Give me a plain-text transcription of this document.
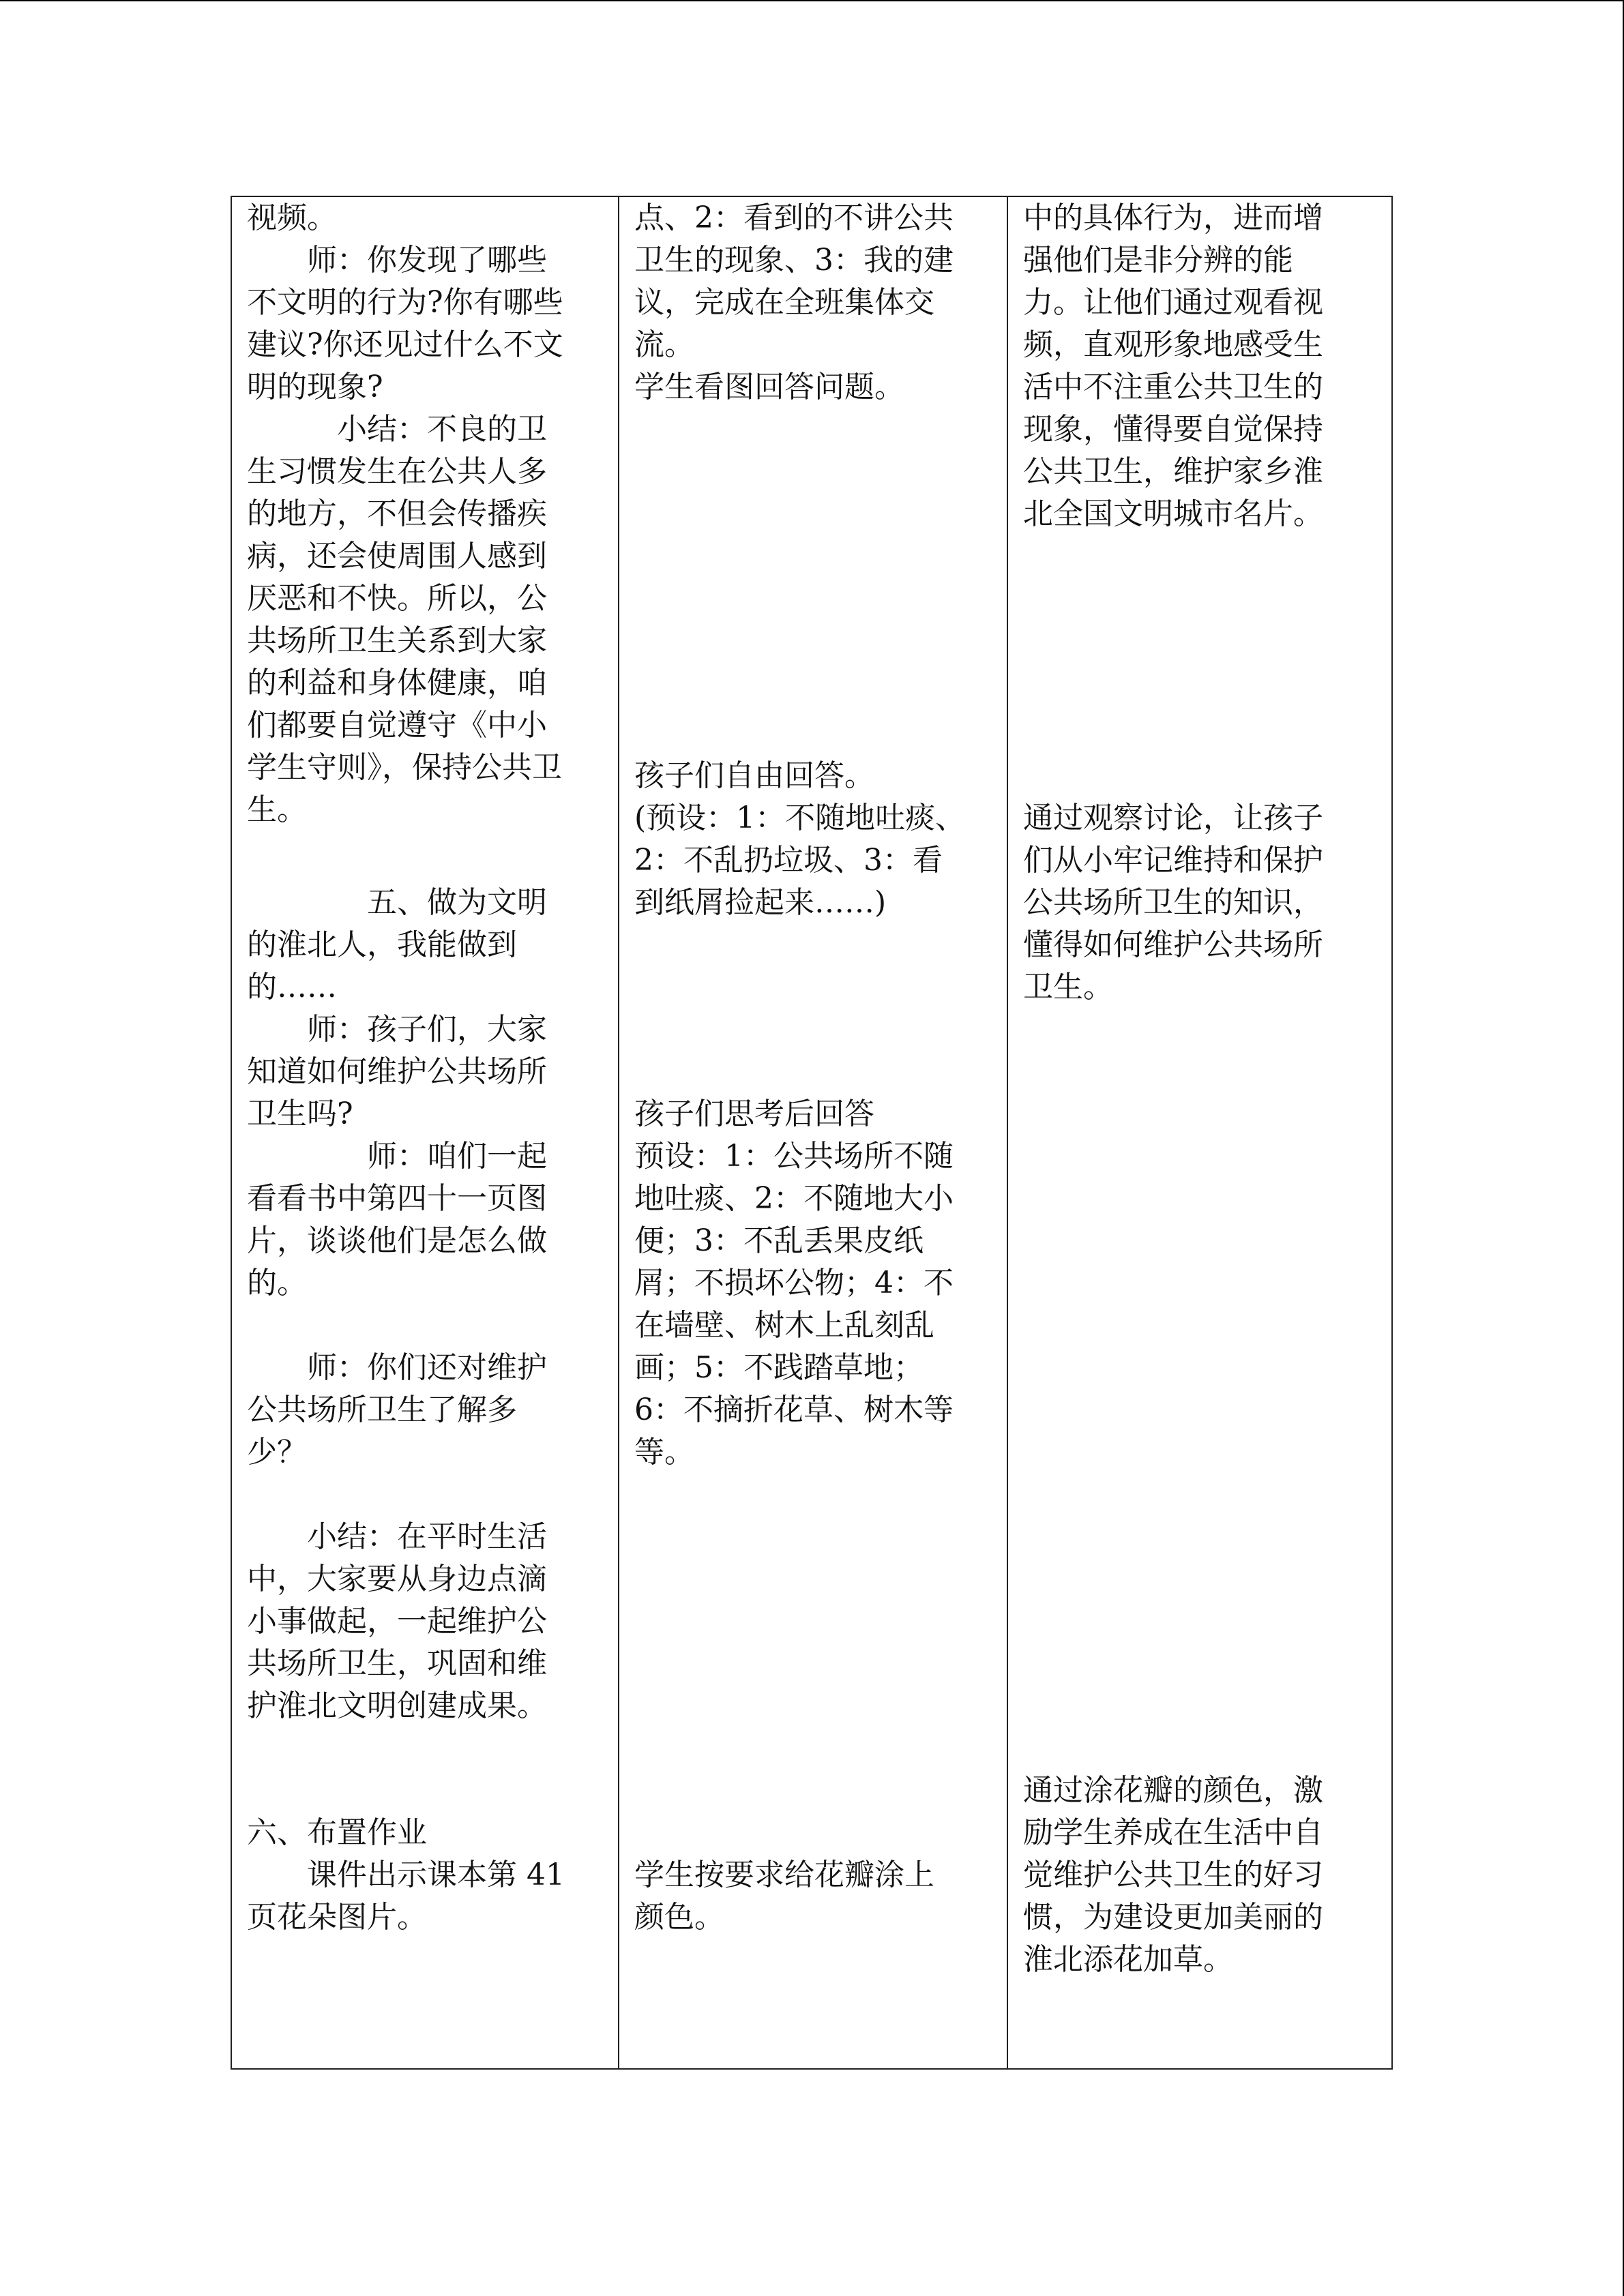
视频。
师：你发现了哪些
不文明的行为?你有哪些
建议?你还见过什么不文
明的现象?
小结：不良的卫
生习惯发生在公共人多
的地方，不但会传播疾
病，还会使周围人感到
厌恶和不快。所以，公
共场所卫生关系到大家
的利益和身体健康，咱
们都要自觉遵守《中小
学生守则》，保持公共卫
生。
五、做为文明
的淮北人，我能做到
的……
师：孩子们，大家
知道如何维护公共场所
卫生吗?
师：咱们一起
看看书中第四十一页图
片，谈谈他们是怎么做
的。
师：你们还对维护
公共场所卫生了解多
少？
小结：在平时生活
中，大家要从身边点滴
小事做起，一起维护公
共场所卫生，巩固和维
护淮北文明创建成果。
六、布置作业
课件出示课本第 41
页花朵图片。
点、2：看到的不讲公共
卫生的现象、3：我的建
议，完成在全班集体交
流。
学生看图回答问题。
孩子们自由回答。
(预设：1：不随地吐痰、
2：不乱扔垃圾、3：看
到纸屑捡起来……)
孩子们思考后回答
预设：1：公共场所不随
地吐痰、2：不随地大小
便；3：不乱丢果皮纸
屑；不损坏公物；4：不
在墙壁、树木上乱刻乱
画；5：不践踏草地；
6：不摘折花草、树木等
等。
学生按要求给花瓣涂上
颜色。
中的具体行为，进而增
强他们是非分辨的能
力。让他们通过观看视
频，直观形象地感受生
活中不注重公共卫生的
现象，懂得要自觉保持
公共卫生，维护家乡淮
北全国文明城市名片。
通过观察讨论，让孩子
们从小牢记维持和保护
公共场所卫生的知识，
懂得如何维护公共场所
卫生。
通过涂花瓣的颜色，激
励学生养成在生活中自
觉维护公共卫生的好习
惯，为建设更加美丽的
淮北添花加草。
